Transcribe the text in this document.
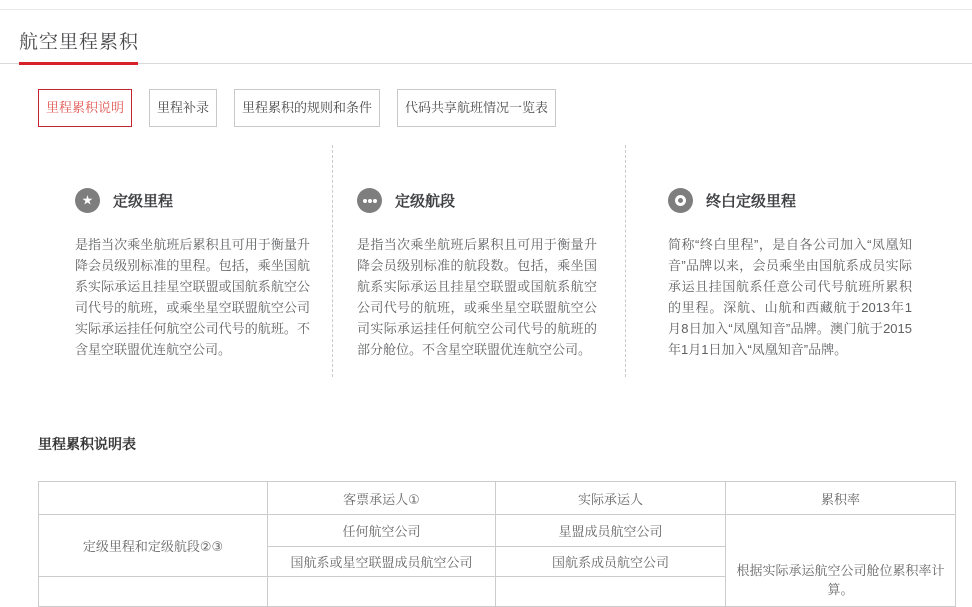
航空里程累积
里程累积说明	里程补录	里程累积的规则和条件	代码共享航班情况一览表
★ 定级里程

是指当次乘坐航班后累积且可用于衡量升降会员级别标准的里程。包括，乘坐国航系实际承运且挂星空联盟或国航系航空公司代号的航班，或乘坐星空联盟航空公司实际承运挂任何航空公司代号的航班。不含星空联盟优连航空公司。

定级航段

是指当次乘坐航班后累积且可用于衡量升降会员级别标准的航段数。包括，乘坐国航系实际承运且挂星空联盟或国航系航空公司代号的航班，或乘坐星空联盟航空公司实际承运挂任何航空公司代号的航班的部分舱位。不含星空联盟优连航空公司。

终白定级里程

简称“终白里程”，是自各公司加入“凤凰知音”品牌以来，会员乘坐由国航系成员实际承运且挂国航系任意公司代号航班所累积的里程。深航、山航和西藏航于2013年1月8日加入“凤凰知音”品牌。澳门航于2015年1月1日加入“凤凰知音”品牌。

里程累积说明表
	客票承运人①	实际承运人	累积率
定级里程和定级航段②③	任何航空公司	星盟成员航空公司	根据实际承运航空公司舱位累积率计算。
	国航系或星空联盟成员航空公司	国航系成员航空公司	
